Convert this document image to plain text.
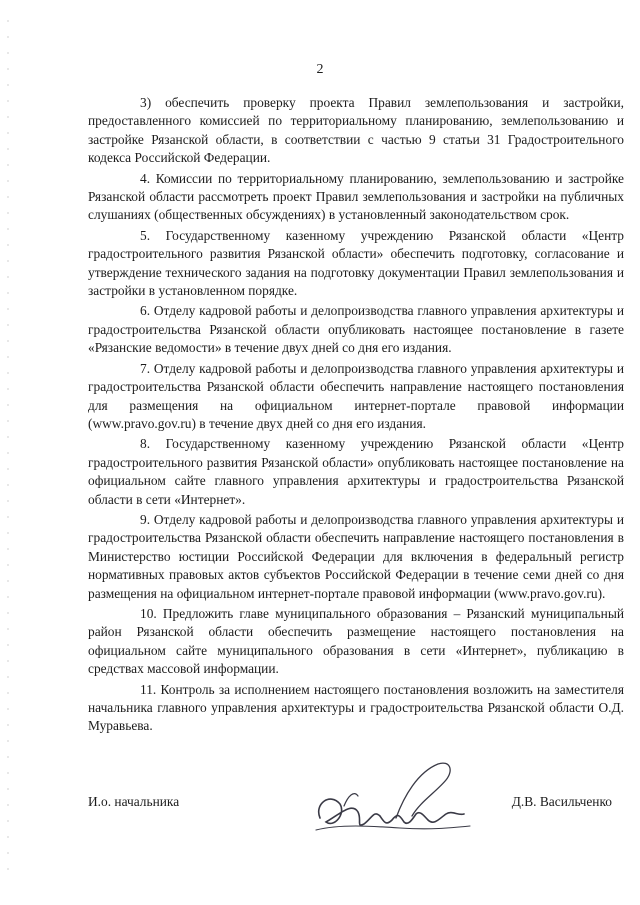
2

3) обеспечить проверку проекта Правил землепользования и застройки, предоставленного комиссией по территориальному планированию, землепользованию и застройке Рязанской области, в соответствии с частью 9 статьи 31 Градостроительного кодекса Российской Федерации.

4. Комиссии по территориальному планированию, землепользованию и застройке Рязанской области рассмотреть проект Правил землепользования и застройки на публичных слушаниях (общественных обсуждениях) в установленный законодательством срок.

5. Государственному казенному учреждению Рязанской области «Центр градостроительного развития Рязанской области» обеспечить подготовку, согласование и утверждение технического задания на подготовку документации Правил землепользования и застройки в установленном порядке.

6. Отделу кадровой работы и делопроизводства главного управления архитектуры и градостроительства Рязанской области опубликовать настоящее постановление в газете «Рязанские ведомости» в течение двух дней со дня его издания.

7. Отделу кадровой работы и делопроизводства главного управления архитектуры и градостроительства Рязанской области обеспечить направление настоящего постановления для размещения на официальном интернет-портале правовой информации (www.pravo.gov.ru) в течение двух дней со дня его издания.

8. Государственному казенному учреждению Рязанской области «Центр градостроительного развития Рязанской области» опубликовать настоящее постановление на официальном сайте главного управления архитектуры и градостроительства Рязанской области в сети «Интернет».

9. Отделу кадровой работы и делопроизводства главного управления архитектуры и градостроительства Рязанской области обеспечить направление настоящего постановления в Министерство юстиции Российской Федерации для включения в федеральный регистр нормативных правовых актов субъектов Российской Федерации в течение семи дней со дня размещения на официальном интернет-портале правовой информации (www.pravo.gov.ru).

10. Предложить главе муниципального образования – Рязанский муниципальный район Рязанской области обеспечить размещение настоящего постановления на официальном сайте муниципального образования в сети «Интернет», публикацию в средствах массовой информации.

11. Контроль за исполнением настоящего постановления возложить на заместителя начальника главного управления архитектуры и градостроительства Рязанской области О.Д. Муравьева.

И.о. начальника	Д.В. Васильченко
